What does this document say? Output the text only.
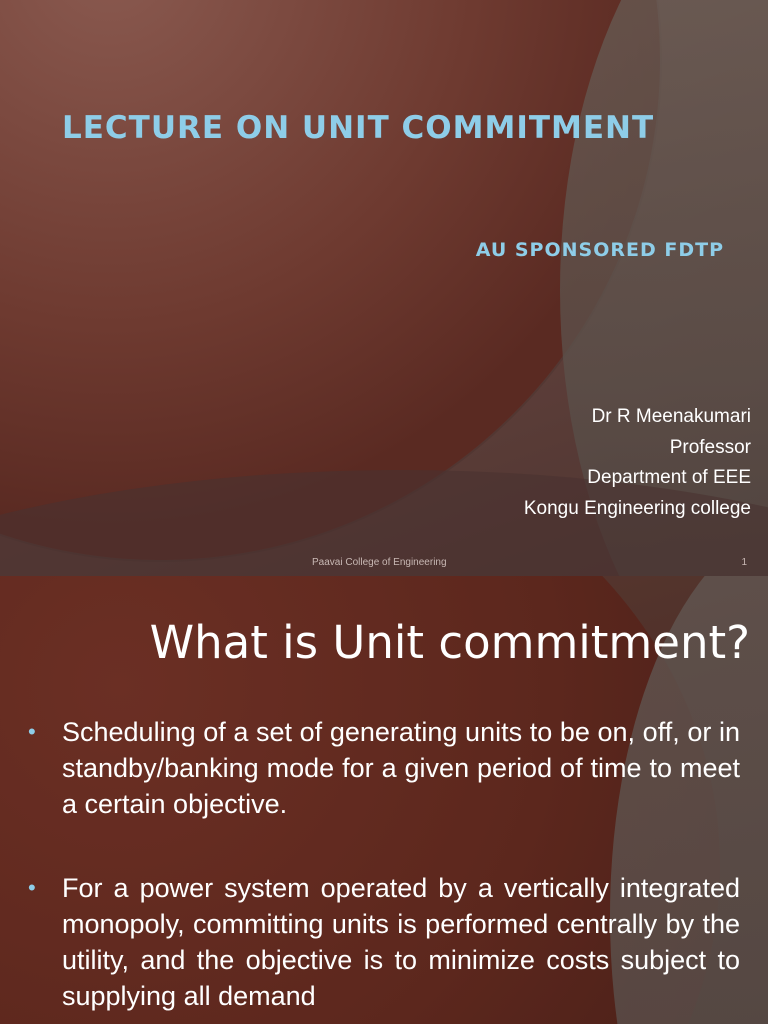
LECTURE ON UNIT COMMITMENT
AU SPONSORED FDTP
Dr R Meenakumari
Professor
Department of EEE
Kongu Engineering college
Paavai College of Engineering	1
What is Unit commitment?
• Scheduling of a set of generating units to be on, off, or in standby/banking mode for a given period of time to meet a certain objective.
• For a power system operated by a vertically integrated monopoly, committing units is performed centrally by the utility, and the objective is to minimize costs subject to supplying all demand
